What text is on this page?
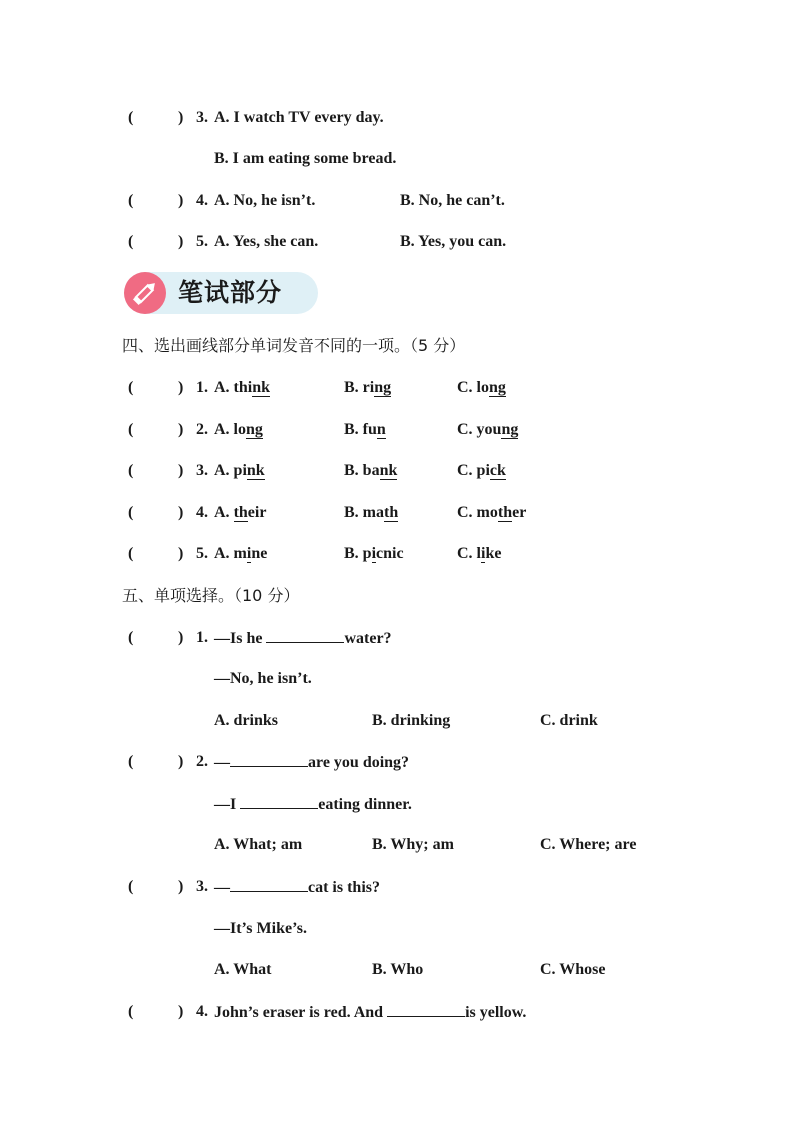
(	) 3. A. I watch TV every day.
B. I am eating some bread.
(	) 4. A. No, he isn’t.	B. No, he can’t.
(	) 5. A. Yes, she can.	B. Yes, you can.
笔试部分
四、选出画线部分单词发音不同的一项。（5 分）
(	) 1. A. think	B. ring	C. long
(	) 2. A. long	B. fun	C. young
(	) 3. A. pink	B. bank	C. pick
(	) 4. A. their	B. math	C. mother
(	) 5. A. mine	B. picnic	C. like
五、单项选择。（10 分）
(	) 1. —Is he	water?
—No, he isn’t.
A. drinks	B. drinking	C. drink
(	) 2. —	are you doing?
—I	eating dinner.
A. What; am	B. Why; am	C. Where; are
(	) 3. —	cat is this?
—It’s Mike’s.
A. What	B. Who	C. Whose
(	) 4. John’s eraser is red. And	is yellow.
